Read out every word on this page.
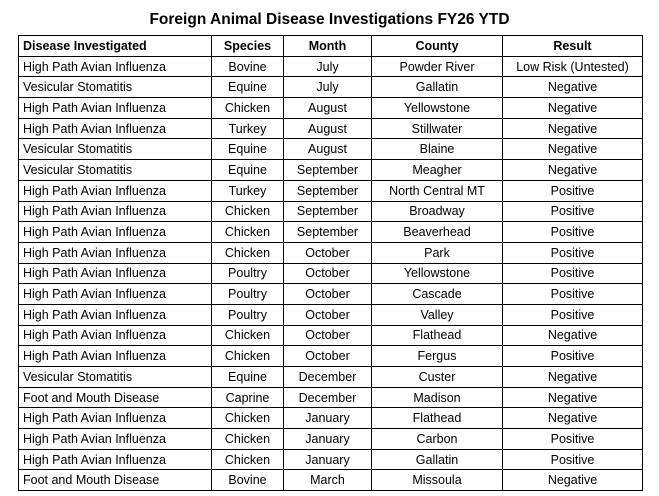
Foreign Animal Disease Investigations FY26 YTD
Disease Investigated	Species	Month	County	Result
High Path Avian Influenza	Bovine	July	Powder River	Low Risk (Untested)
Vesicular Stomatitis	Equine	July	Gallatin	Negative
High Path Avian Influenza	Chicken	August	Yellowstone	Negative
High Path Avian Influenza	Turkey	August	Stillwater	Negative
Vesicular Stomatitis	Equine	August	Blaine	Negative
Vesicular Stomatitis	Equine	September	Meagher	Negative
High Path Avian Influenza	Turkey	September	North Central MT	Positive
High Path Avian Influenza	Chicken	September	Broadway	Positive
High Path Avian Influenza	Chicken	September	Beaverhead	Positive
High Path Avian Influenza	Chicken	October	Park	Positive
High Path Avian Influenza	Poultry	October	Yellowstone	Positive
High Path Avian Influenza	Poultry	October	Cascade	Positive
High Path Avian Influenza	Poultry	October	Valley	Positive
High Path Avian Influenza	Chicken	October	Flathead	Negative
High Path Avian Influenza	Chicken	October	Fergus	Positive
Vesicular Stomatitis	Equine	December	Custer	Negative
Foot and Mouth Disease	Caprine	December	Madison	Negative
High Path Avian Influenza	Chicken	January	Flathead	Negative
High Path Avian Influenza	Chicken	January	Carbon	Positive
High Path Avian Influenza	Chicken	January	Gallatin	Positive
Foot and Mouth Disease	Bovine	March	Missoula	Negative
